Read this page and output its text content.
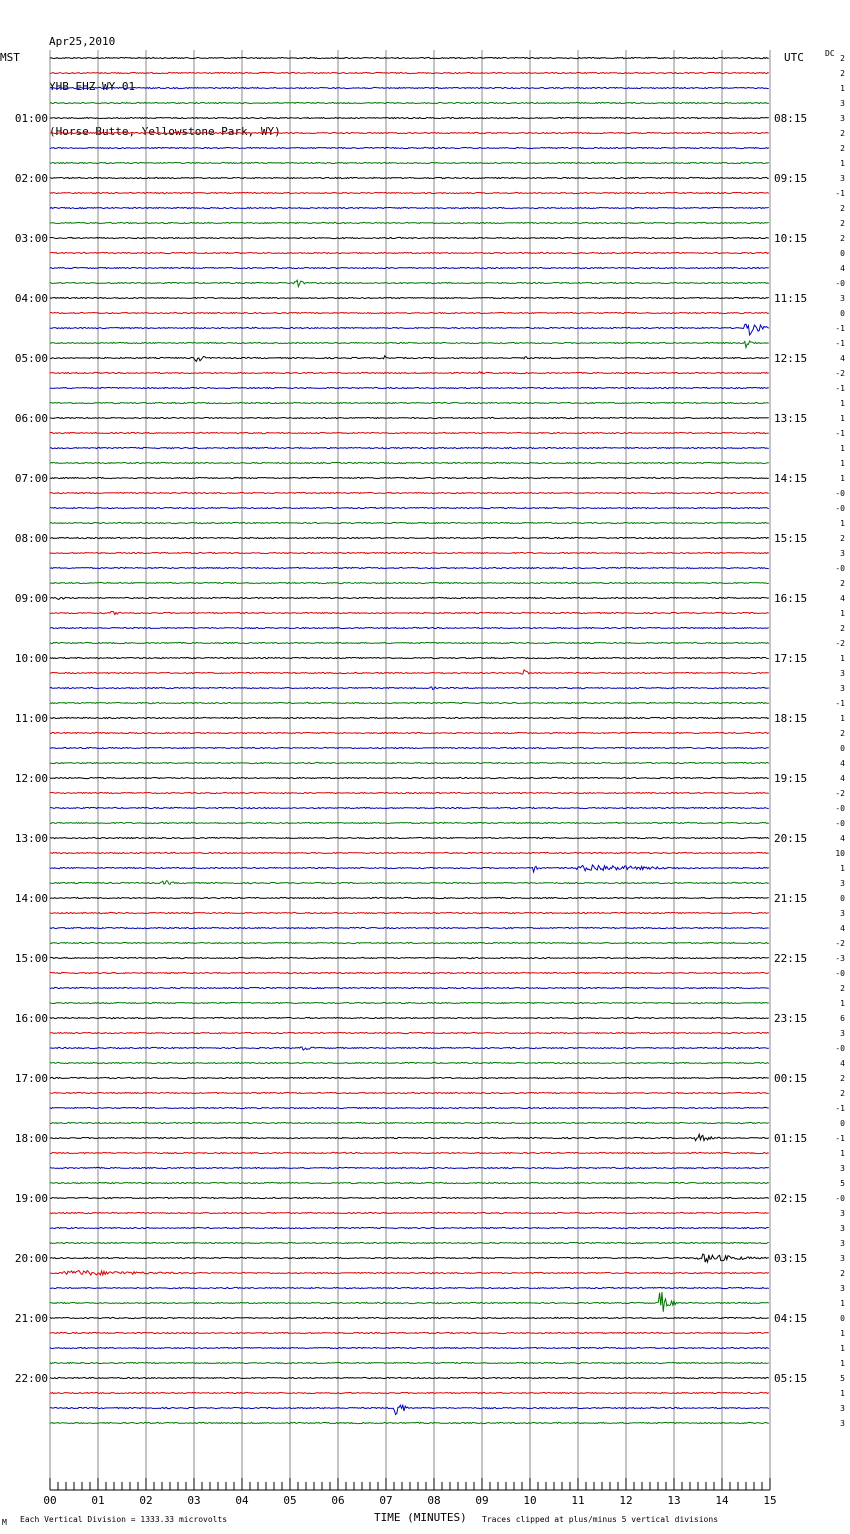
Apr25,2010

YHB EHZ WY 01

(Horse Butte, Yellowstone Park, WY)

MST	UTC	DC
01:00	08:15
02:00	09:15
03:00	10:15
04:00	11:15
05:00	12:15
06:00	13:15
07:00	14:15
08:00	15:15
09:00	16:15
10:00	17:15
11:00	18:15
12:00	19:15
13:00	20:15
14:00	21:15
15:00	22:15
16:00	23:15
17:00	00:15
18:00	01:15
19:00	02:15
20:00	03:15
21:00	04:15
22:00	05:15
2
2
1
3
3
2
2
1
3
-1
2
2
2
0
4
-0
3
0
-1
-1
4
-2
-1
1
1
-1
1
1
1
-0
-0
1
2
3
-0
2
4
1
2
-2
1
3
3
-1
1
2
0
4
4
-2
-0
-0
4
10
1
3
0
3
4
-2
-3
-0
2
1
6
3
-0
4
2
2
-1
0
-1
1
3
5
-0
3
3
3
3
2
3
1
0
1
1
1
5
1
3
3
00	01	02	03	04	05	06	07	08	09	10	11	12	13	14	15
M Each Vertical Division = 1333.33 microvolts	TIME (MINUTES) Traces clipped at plus/minus 5 vertical divisions
